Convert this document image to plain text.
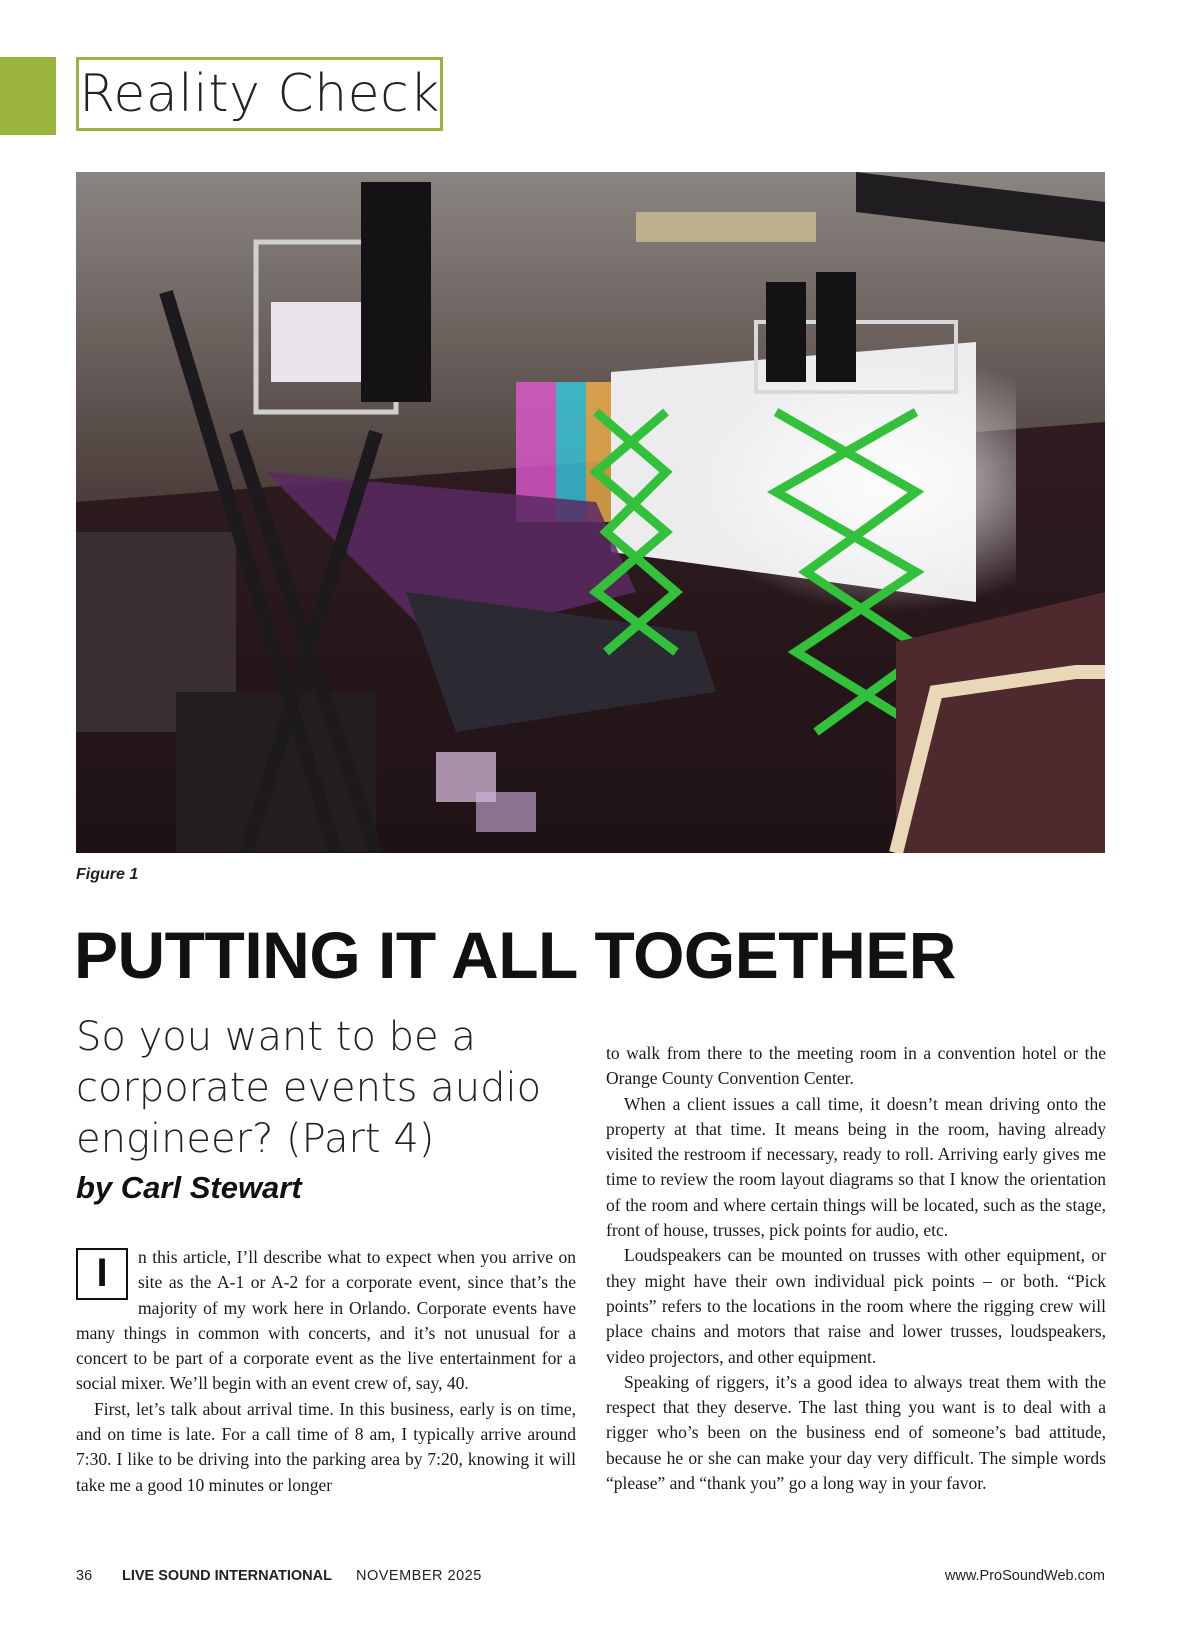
Reality Check
Figure 1
PUTTING IT ALL TOGETHER
So you want to be a corporate events audio engineer? (Part 4)
by Carl Stewart
I	n this article, I’ll describe what to expect when you arrive on site as the A-1 or A-2 for a corporate event, since that’s the majority of my work here in Orlando. Corporate events have many things in common with concerts, and it’s not unusual for a concert to be part of a corporate event as the live entertainment for a social mixer. We’ll begin with an event crew of, say, 40.

First, let’s talk about arrival time. In this business, early is on time, and on time is late. For a call time of 8 am, I typically arrive around 7:30. I like to be driving into the parking area by 7:20, knowing it will take me a good 10 minutes or longer

to walk from there to the meeting room in a convention hotel or the Orange County Convention Center.

When a client issues a call time, it doesn’t mean driving onto the property at that time. It means being in the room, having already visited the restroom if necessary, ready to roll. Arriving early gives me time to review the room layout diagrams so that I know the orientation of the room and where certain things will be located, such as the stage, front of house, trusses, pick points for audio, etc.

Loudspeakers can be mounted on trusses with other equipment, or they might have their own individual pick points – or both. “Pick points” refers to the locations in the room where the rigging crew will place chains and motors that raise and lower trusses, loudspeakers, video projectors, and other equipment.

Speaking of riggers, it’s a good idea to always treat them with the respect that they deserve. The last thing you want is to deal with a rigger who’s been on the business end of someone’s bad attitude, because he or she can make your day very difficult. The simple words “please” and “thank you” go a long way in your favor.

36 LIVE SOUND INTERNATIONAL NOVEMBER 2025	www.ProSoundWeb.com
